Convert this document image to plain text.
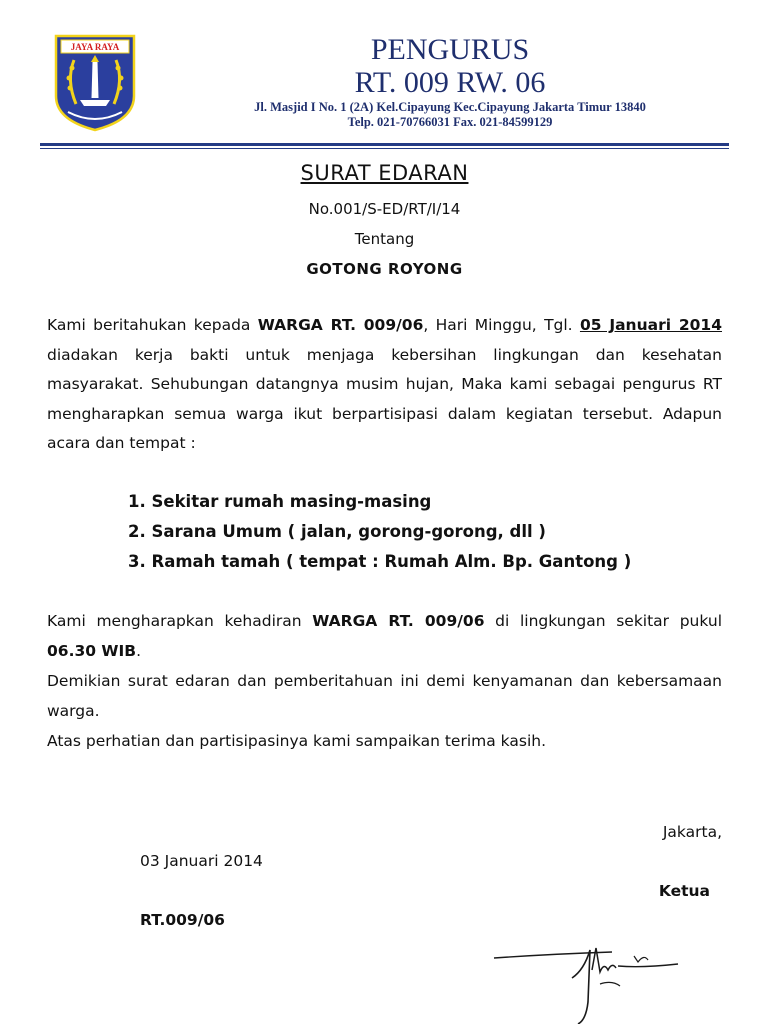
JAYA RAYA	PENGURUS
RT. 009 RW. 06
Jl. Masjid I No. 1 (2A) Kel.Cipayung Kec.Cipayung Jakarta Timur 13840
Telp. 021-70766031 Fax. 021-84599129
SURAT EDARAN
No.001/S-ED/RT/I/14
Tentang
GOTONG ROYONG

Kami beritahukan kepada WARGA RT. 009/06, Hari Minggu, Tgl. 05 Januari 2014 diadakan kerja bakti untuk menjaga kebersihan lingkungan dan kesehatan masyarakat. Sehubungan datangnya musim hujan, Maka kami sebagai pengurus RT mengharapkan semua warga ikut berpartisipasi dalam kegiatan tersebut. Adapun acara dan tempat :

1. Sekitar rumah masing-masing
2. Sarana Umum ( jalan, gorong-gorong, dll )
3. Ramah tamah ( tempat : Rumah Alm. Bp. Gantong )

Kami mengharapkan kehadiran WARGA RT. 009/06 di lingkungan sekitar pukul 06.30 WIB.

Demikian surat edaran dan pemberitahuan ini demi kenyamanan dan kebersamaan warga.

Atas perhatian dan partisipasinya kami sampaikan terima kasih.

Jakarta,
03 Januari 2014
Ketua
RT.009/06
